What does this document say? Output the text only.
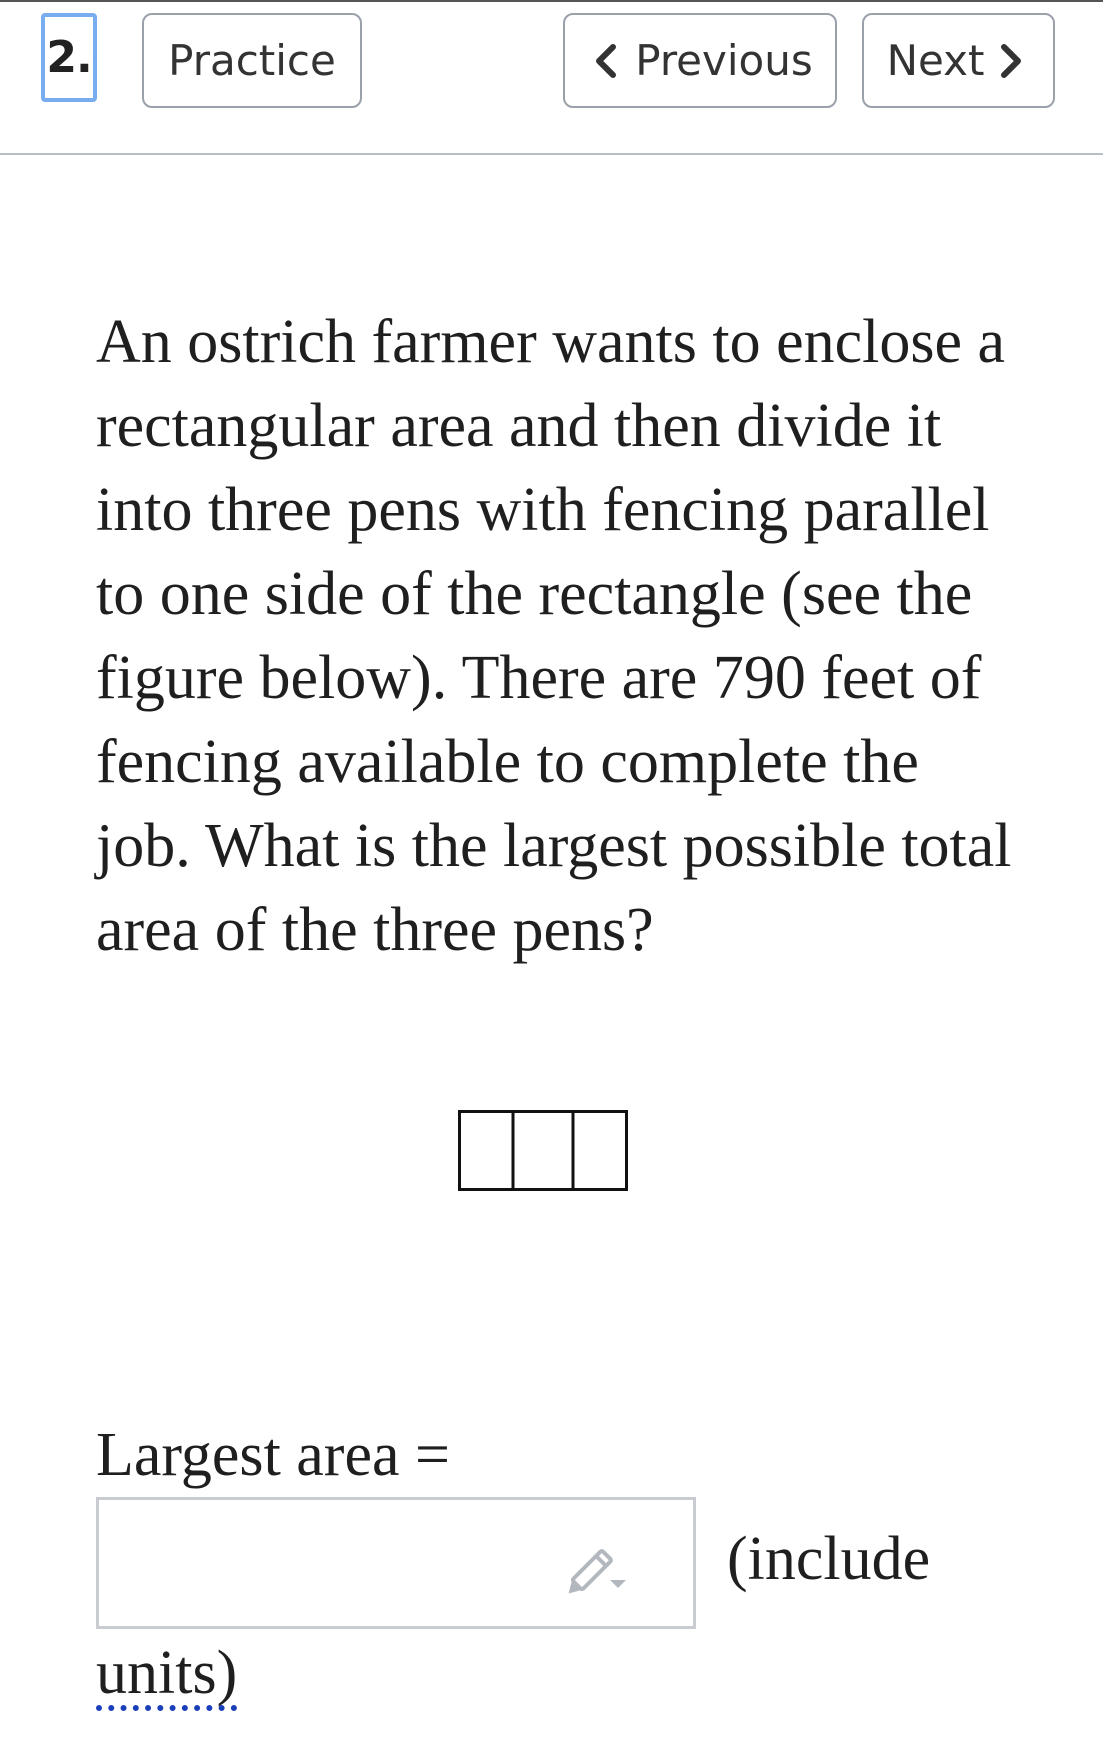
2. Practice	Previous Next

An ostrich farmer wants to enclose a rectangular area and then divide it into three pens with fencing parallel to one side of the rectangle (see the figure below). There are 790 feet of fencing available to complete the job. What is the largest possible total area of the three pens?

Largest area =
(include
units)
